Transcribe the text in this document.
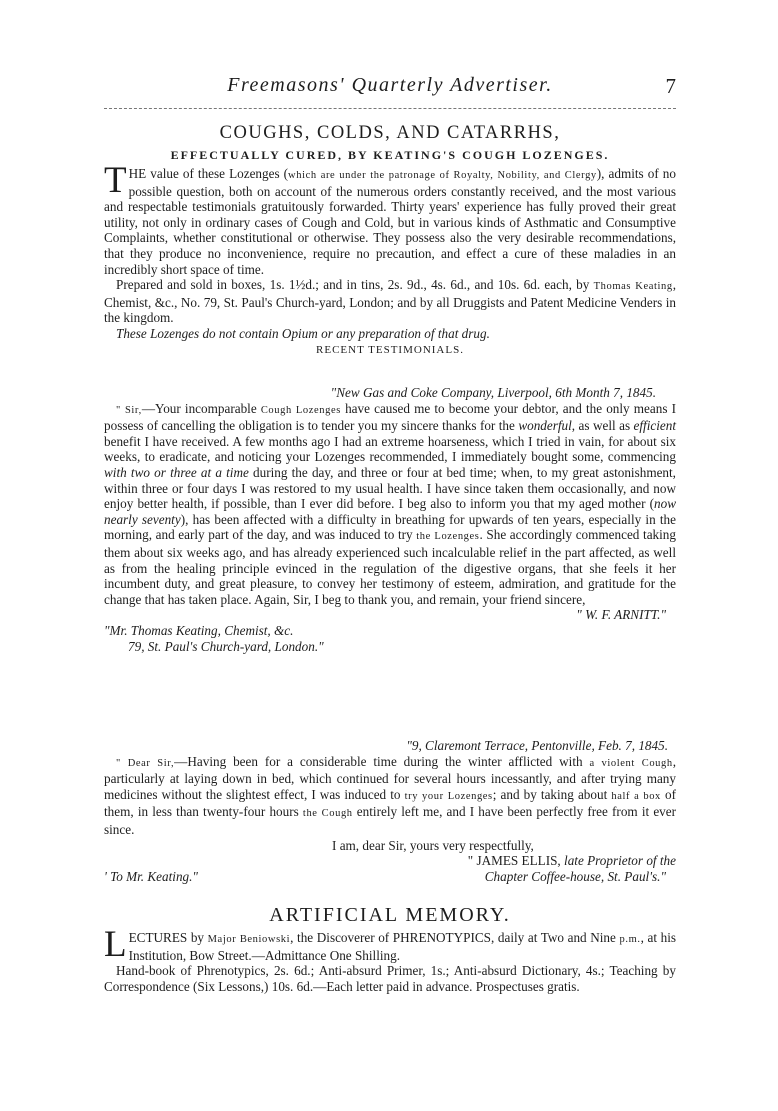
Freemasons' Quarterly Advertiser.	7
COUGHS, COLDS, AND CATARRHS,
EFFECTUALLY CURED, BY KEATING'S COUGH LOZENGES.

THE value of these Lozenges (which are under the patronage of Royalty, Nobility, and Clergy), admits of no possible question, both on account of the numerous orders constantly received, and the most various and respectable testimonials gratuitously forwarded. Thirty years' experience has fully proved their great utility, not only in ordinary cases of Cough and Cold, but in various kinds of Asthmatic and Consumptive Complaints, whether constitutional or otherwise. They possess also the very desirable recommendations, that they produce no inconvenience, require no precaution, and effect a cure of these maladies in an incredibly short space of time.

Prepared and sold in boxes, 1s. 1½d.; and in tins, 2s. 9d., 4s. 6d., and 10s. 6d. each, by Thomas Keating, Chemist, &c., No. 79, St. Paul's Church-yard, London; and by all Druggists and Patent Medicine Venders in the kingdom.

These Lozenges do not contain Opium or any preparation of that drug.

RECENT TESTIMONIALS.
"New Gas and Coke Company, Liverpool, 6th Month 7, 1845.

" Sir,—Your incomparable Cough Lozenges have caused me to become your debtor, and the only means I possess of cancelling the obligation is to tender you my sincere thanks for the wonderful, as well as efficient benefit I have received. A few months ago I had an extreme hoarseness, which I tried in vain, for about six weeks, to eradicate, and noticing your Lozenges recommended, I immediately bought some, commencing with two or three at a time during the day, and three or four at bed time; when, to my great astonishment, within three or four days I was restored to my usual health. I have since taken them occasionally, and now enjoy better health, if possible, than I ever did before. I beg also to inform you that my aged mother (now nearly seventy), has been affected with a difficulty in breathing for upwards of ten years, especially in the morning, and early part of the day, and was induced to try the Lozenges. She accordingly commenced taking them about six weeks ago, and has already experienced such incalculable relief in the part affected, as well as from the healing principle evinced in the regulation of the digestive organs, that she feels it her incumbent duty, and great pleasure, to convey her testimony of esteem, admiration, and gratitude for the change that has taken place. Again, Sir, I beg to thank you, and remain, your friend sincere,

" W. F. ARNITT."
"Mr. Thomas Keating, Chemist, &c.
79, St. Paul's Church-yard, London."
"9, Claremont Terrace, Pentonville, Feb. 7, 1845.

" Dear Sir,—Having been for a considerable time during the winter afflicted with a violent Cough, particularly at laying down in bed, which continued for several hours incessantly, and after trying many medicines without the slightest effect, I was induced to try your Lozenges; and by taking about half a box of them, in less than twenty-four hours the Cough entirely left me, and I have been perfectly free from it ever since.

I am, dear Sir, yours very respectfully,
" JAMES ELLIS, late Proprietor of the
' To Mr. Keating."	Chapter Coffee-house, St. Paul's."
ARTIFICIAL MEMORY.

LECTURES by Major Beniowski, the Discoverer of PHRENOTYPICS, daily at Two and Nine p.m., at his Institution, Bow Street.—Admittance One Shilling.

Hand-book of Phrenotypics, 2s. 6d.; Anti-absurd Primer, 1s.; Anti-absurd Dictionary, 4s.; Teaching by Correspondence (Six Lessons,) 10s. 6d.—Each letter paid in advance. Prospectuses gratis.
